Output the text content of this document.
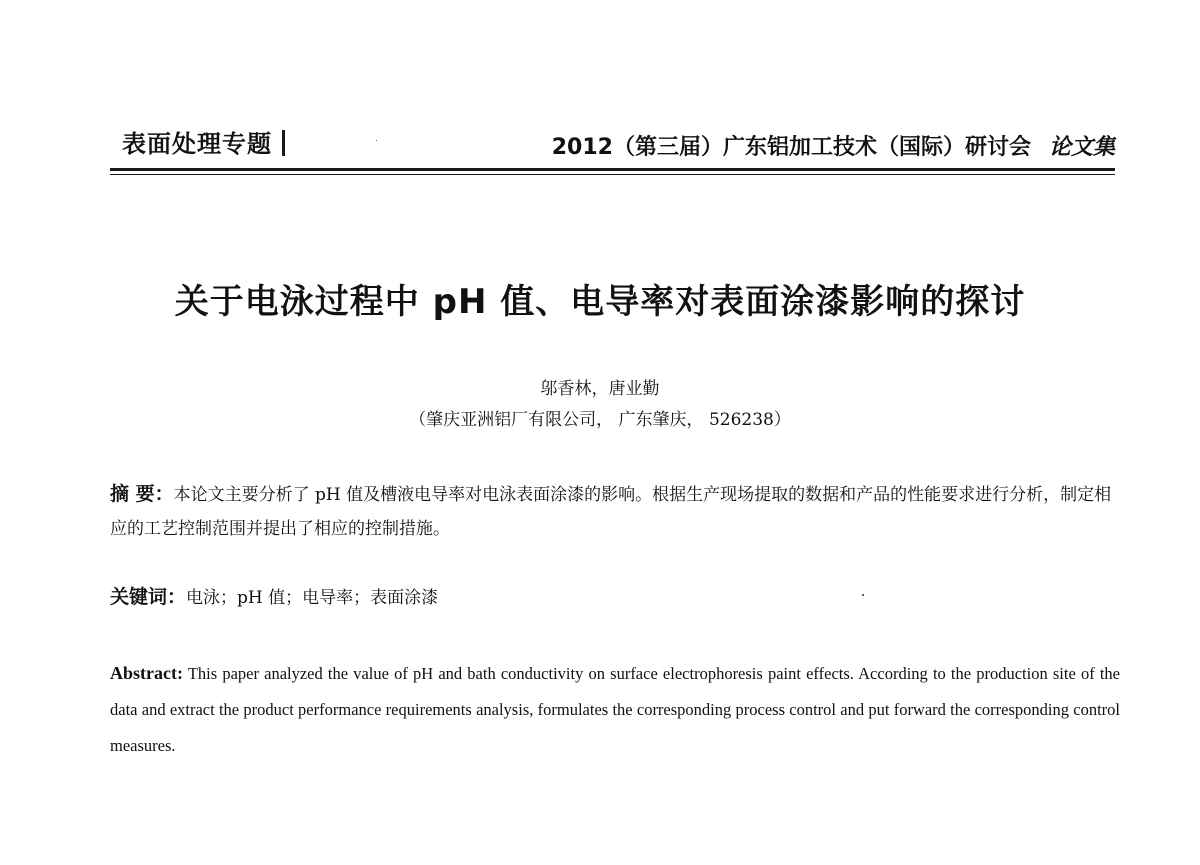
表面处理专题	2012（第三届）广东铝加工技术（国际）研讨会 论文集
关于电泳过程中 pH 值、电导率对表面涂漆影响的探讨
邬香林，唐业勤
（肇庆亚洲铝厂有限公司， 广东肇庆， 526238）
摘 要：本论文主要分析了 pH 值及槽液电导率对电泳表面涂漆的影响。根据生产现场提取的数据和产品的性能要求进行分析，制定相应的工艺控制范围并提出了相应的控制措施。
关键词：电泳；pH 值；电导率；表面涂漆
Abstract: This paper analyzed the value of pH and bath conductivity on surface electrophoresis paint effects. According to the production site of the data and extract the product performance requirements analysis, formulates the corresponding process control and put forward the corresponding control measures.
